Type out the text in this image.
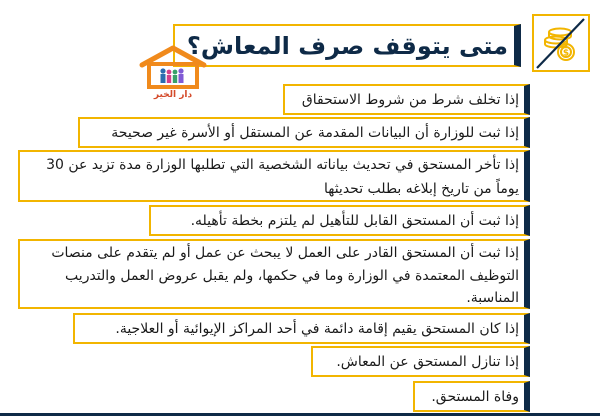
$
متى يتوقف صرف المعاش؟
دار الخير	إذا تخلف شرط من شروط الاستحقاق
إذا ثبت للوزارة أن البيانات المقدمة عن المستقل أو الأسرة غير صحيحة
إذا تأخر المستحق في تحديث بياناته الشخصية التي تطلبها الوزارة مدة تزيد عن 30 يوماً من تاريخ إبلاغه بطلب تحديثها
إذا ثبت أن المستحق القابل للتأهيل لم يلتزم بخطة تأهيله.
إذا ثبت أن المستحق القادر على العمل لا يبحث عن عمل أو لم يتقدم على منصات التوظيف المعتمدة في الوزارة وما في حكمها، ولم يقبل عروض العمل والتدريب المناسبة.
إذا كان المستحق يقيم إقامة دائمة في أحد المراكز الإيوائية أو العلاجية.
إذا تنازل المستحق عن المعاش.
وفاة المستحق.
